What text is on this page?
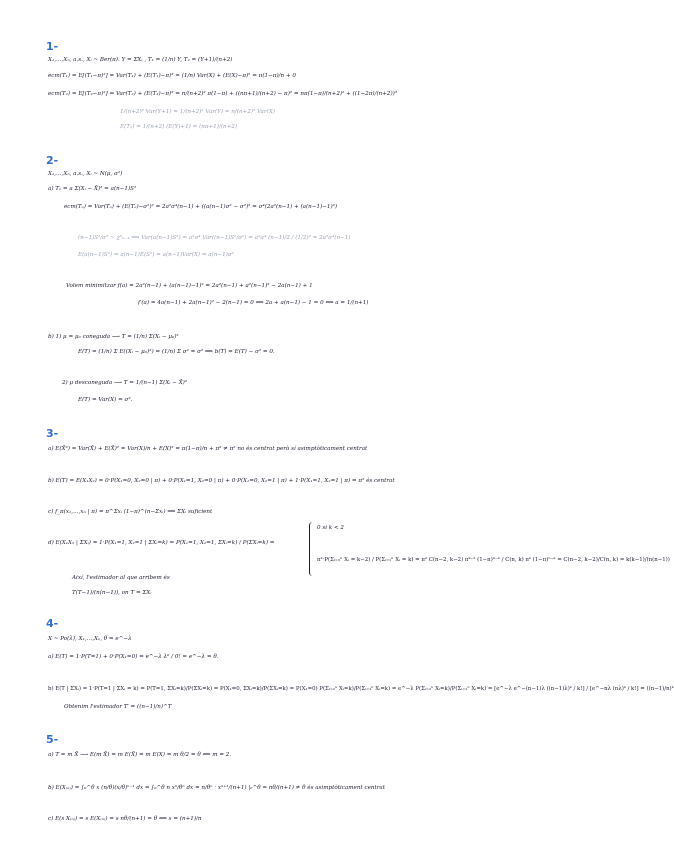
1-
X₁,…,Xₙ, a.s., Xᵢ ~ Ber(π). Y = ΣXᵢ , T₁ = (1/n) Y, T₂ = (Y+1)/(n+2)
ecm(T₁) = E[(T₁−π)²] = Var(T₁) + (E(T₁)−π)² = (1/n) Var(X) + (E(X)−π)² = π(1−π)/n + 0
ecm(T₂) = E[(T₂−π)²] = Var(T₂) + (E(T₂)−π)² = n/(n+2)² π(1−π) + ((nπ+1)/(n+2) − π)² = nπ(1−π)/(n+2)² + ((1−2π)/(n+2))²
1/(n+2)² Var(Y+1) = 1/(n+2)² Var(Y) = n/(n+2)² Var(X)
E(T₂) = 1/(n+2) (E(Y)+1) = (nπ+1)/(n+2)
2-
X₁,…,Xₙ, a.s., Xᵢ ~ N(μ, σ²)
a) Tₐ = a Σ(Xᵢ − X̄)² = a(n−1)S²
ecm(Tₐ) = Var(Tₐ) + (E(Tₐ)−σ²)² = 2a²σ⁴(n−1) + ((a(n−1)σ² − σ²)² = σ⁴(2a²(n−1) + (a(n−1)−1)²)
(n−1)S²/σ² ~ χ²ₙ₋₁ ⟹ Var(a(n−1)S²) = a²σ⁴ Var((n−1)S²/σ²) = a²σ⁴ (n−1)/2 / (1/2)² = 2a²σ⁴(n−1)
E(a(n−1)S²) = a(n−1)E(S²) = a(n−1)Var(X) = a(n−1)σ²
Volem minimitzar f(a) = 2a²(n−1) + (a(n−1)−1)² = 2a²(n−1) + a²(n−1)² − 2a(n−1) + 1
f′(a) = 4a(n−1) + 2a(n−1)² − 2(n−1) = 0 ⟺ 2a + a(n−1) − 1 = 0 ⟺ a = 1/(n+1)
b) 1) μ = μ₀ coneguda ⟶ T = (1/n) Σ(Xᵢ − μ₀)²
E(T) = (1/n) Σ E((Xᵢ − μ₀)²) = (1/n) Σ σ² = σ² ⟹ b(T) = E(T) − σ² = 0.
2) μ desconeguda ⟶ T = 1/(n−1) Σ(Xᵢ − X̄)²
E(T) = Var(X) = σ².
3-
a) E(X̄²) = Var(X̄) + E(X̄)² = Var(X)/n + E(X)² = π(1−π)/n + π² ≠ π² no és centrat però sí asimptòticament centrat
b) E(T) = E(X₁X₂) = 0·P(X₁=0, X₂=0 | π) + 0·P(X₁=1, X₂=0 | π) + 0·P(X₁=0, X₂=1 | π) + 1·P(X₁=1, X₂=1 | π) = π² és centrat
c) f_π(x₁,…,xₙ | π) = π^Σxᵢ (1−π)^(n−Σxᵢ) ⟹ ΣXᵢ suficient
d) E(X₁X₂ | ΣXᵢ) = 1·P(X₁=1, X₂=1 | ΣXᵢ=k) = P(X₁=1, X₂=1, ΣXᵢ=k) / P(ΣXᵢ=k) =
0 si k < 2
π²·P(Σᵢ₌₃ⁿ Xᵢ = k−2) / P(Σᵢ₌₁ⁿ Xᵢ = k) = π² C(n−2, k−2) πᵏ⁻² (1−π)ⁿ⁻ᵏ / C(n, k) πᵏ (1−π)ⁿ⁻ᵏ = C(n−2, k−2)/C(n, k) = k(k−1)/(n(n−1))
Així, l'estimador al que arribem és
T(T−1)/(n(n−1)), on T = ΣXᵢ
4-
X ~ Po(λ), X₁,…,Xₙ, θ = e^−λ
a) E(T) = 1·P(T=1) + 0·P(X₁=0) = e^−λ λ⁰ / 0! = e^−λ = θ.
b) E(T | ΣXᵢ) = 1·P(T=1 | ΣXᵢ = k) = P(T=1, ΣXᵢ=k)/P(ΣXᵢ=k) = P(X₁=0, ΣXᵢ=k)/P(ΣXᵢ=k) = P(X₁=0) P(Σᵢ₌₂ⁿ Xᵢ=k)/P(Σᵢ₌₁ⁿ Xᵢ=k) = e^−λ P(Σᵢ₌₂ⁿ Xᵢ=k)/P(Σᵢ₌₁ⁿ Xᵢ=k) = [e^−λ e^−(n−1)λ ((n−1)λ)ᵏ / k!] / [e^−nλ (nλ)ᵏ / k!] = ((n−1)/n)ᵏ
Obtenim l'estimador T′ = ((n−1)/n)^T
5-
a) T = m X̄ ⟶ E(m X̄) = m E(X̄) = m E(X) = m θ/2 = θ ⟺ m = 2.
b) E(X₍ₙ₎) = ∫₀^θ x (n/θ)(x/θ)ⁿ⁻¹ dx = ∫₀^θ n xⁿ/θⁿ dx = n/θⁿ · xⁿ⁺¹/(n+1) |₀^θ = nθ/(n+1) ≠ θ és asimptòticament centrat
c) E(s X₍ₙ₎) = s E(X₍ₙ₎) = s nθ/(n+1) = θ ⟺ s = (n+1)/n
